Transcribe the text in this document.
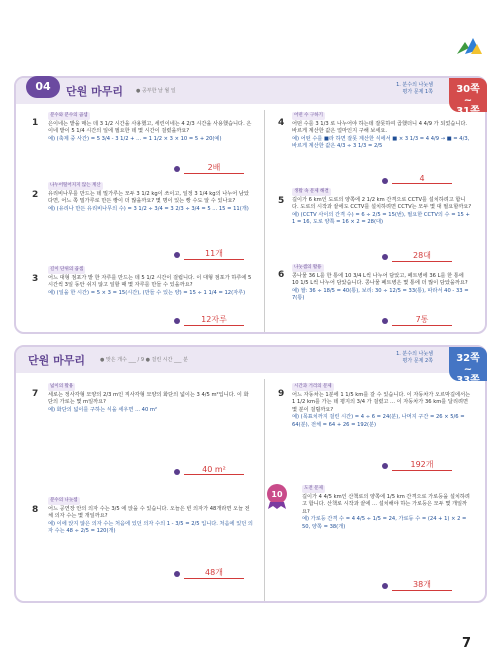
04	단원 마무리	● 공부한 날 월 일
1. 분수의 나눗셈
평가 문제 1쪽	30쪽
~
31쪽
1
분수와 분수의 곱셈
은이네는 밭을 매는 데 3 1/2 시간을 사용했고, 세린이네는 4 2/3 시간을 사용했습니다. 은이네 밭이 5 1/4 시간의 일에 필요한 데 몇 시간이 걸렸을까요?
예) (축제 중 사간) = 5 3/4 - 3 1/2 + ... = 1 1/2 × 3 × 10 = 5 + 20(예)
2배
2
나누어떨어지지 않는 계산
유리비나무를 만드는 데 밀가루는 모두 3 1/2 kg이 쓰이고, 일정 3 1/4 kg의 나누어 남았다면, 어느 쪽 밀가루로 만든 빵이 더 많을까요? 몇 명이 있는 빵 수도 알 수 있나요?
예) (유리나 만든 유리비나무의 수) = 3 1/2 ÷ 3/4 = 3 2/3 ÷ 3/4 = 5 ... 15 = 11(개)
11개
3
길이 단위의 곱셈
어느 대형 점포가 밭 한 자루를 만드는 데 5 1/2 시간이 걸립니다. 이 대형 점포가 하루에 5시간씩 3일 동안 쉬지 않고 일할 때 몇 자루를 만들 수 있을까요?
예) (일을 한 시간) = 5 × 3 = 15(시간), (만들 수 있는 양) = 15 ÷ 1 1/4 = 12(자루)
12자루
4
어떤 수 구하기
어떤 수를 3 1/3 로 나누어야 하는데 잘못하여 곱했더니 4 4/9 가 되었습니다. 바르게 계산한 값은 얼마인지 구해 보세요.
예) 어떤 수를 ■라 하면 잘못 계산한 식에서 ■ × 3 1/3 = 4 4/9 → ■ = 4/3, 바르게 계산한 값은 4/3 ÷ 3 1/3 = 2/5
4
5
생활 속 문제 해결
길이가 6 km인 도로의 양쪽에 2 1/2 km 간격으로 CCTV를 설치하려고 합니다. 도로의 시작과 끝에도 CCTV를 설치하려면 CCTV는 모두 몇 대 필요할까요?
예) (CCTV 사이의 간격 수) = 6 ÷ 2/5 = 15(번), 필요한 CCTV의 수 = 15 + 1 = 16, 도로 양쪽 = 16 × 2 = 28(대)
28대
6
나눗셈의 활용
콩나물 36 L를 한 통에 10 3/4 L씩 나누어 담았고, 페트병에 36 L를 한 통에 10 1/5 L씩 나누어 담았습니다. 콩나물 페트병은 몇 통에 더 많이 담았을까요?
예) 쌀: 36 ÷ 18/5 = 40(통), 보리: 30 ÷ 12/5 = 33(통), 따라서 40 - 33 = 7(통)
7통
단원 마무리	● 맞은 개수 ___ / 9 ● 걸린 시간 ___ 분
1. 분수의 나눗셈
평가 문제 2쪽	32쪽
~
33쪽
7
넓이의 활용
세로는 정사각형 모양의 2/3 m인 직사각형 모양의 화단의 넓이는 3 4/5 m²입니다. 이 화단의 가로는 몇 m일까요?
예) 화단의 넓이를 구하는 식을 세우면 ... 40 m²
40 m²
8
분수의 나눗셈
어느 공연장 안의 의자 수는 3/5 에 앉을 수 있습니다. 오늘은 빈 의자가 48개라면 오늘 전체 의자 수는 몇 개일까요?
예) 이에 앉지 않은 의자 수는 처음에 있던 의자 수의 1 - 3/5 = 2/5 입니다. 처음에 있던 의자 수는 48 ÷ 2/5 = 120(개)
48개
9
시간과 거리의 문제
어느 자동차는 1분에 1 1/5 km를 갈 수 있습니다. 이 자동차가 오르막길에서는 1 1/2 km를 가는 데 평지의 3/4 가 걸렸고 ... 이 자동차가 36 km를 달리려면 몇 분이 걸릴까요?
예) (목표치까지 걸린 시간) = 4 ÷ 6 = 24(분), 나머지 구간 = 26 × 5/6 = 64(분), 전체 = 64 + 26 = 192(분)
192개
도전 문제
길이가 4 4/5 km인 산책로의 양쪽에 1/5 km 간격으로 가로등을 설치하려고 합니다. 산책로 시작과 끝에 ... 설치해야 하는 가로등은 모두 몇 개일까요?
예) 가로등 간격 수 = 4 4/5 ÷ 1/5 = 24, 가로등 수 = (24 + 1) × 2 = 50, 양쪽 = 38(개)
38개
10
7
